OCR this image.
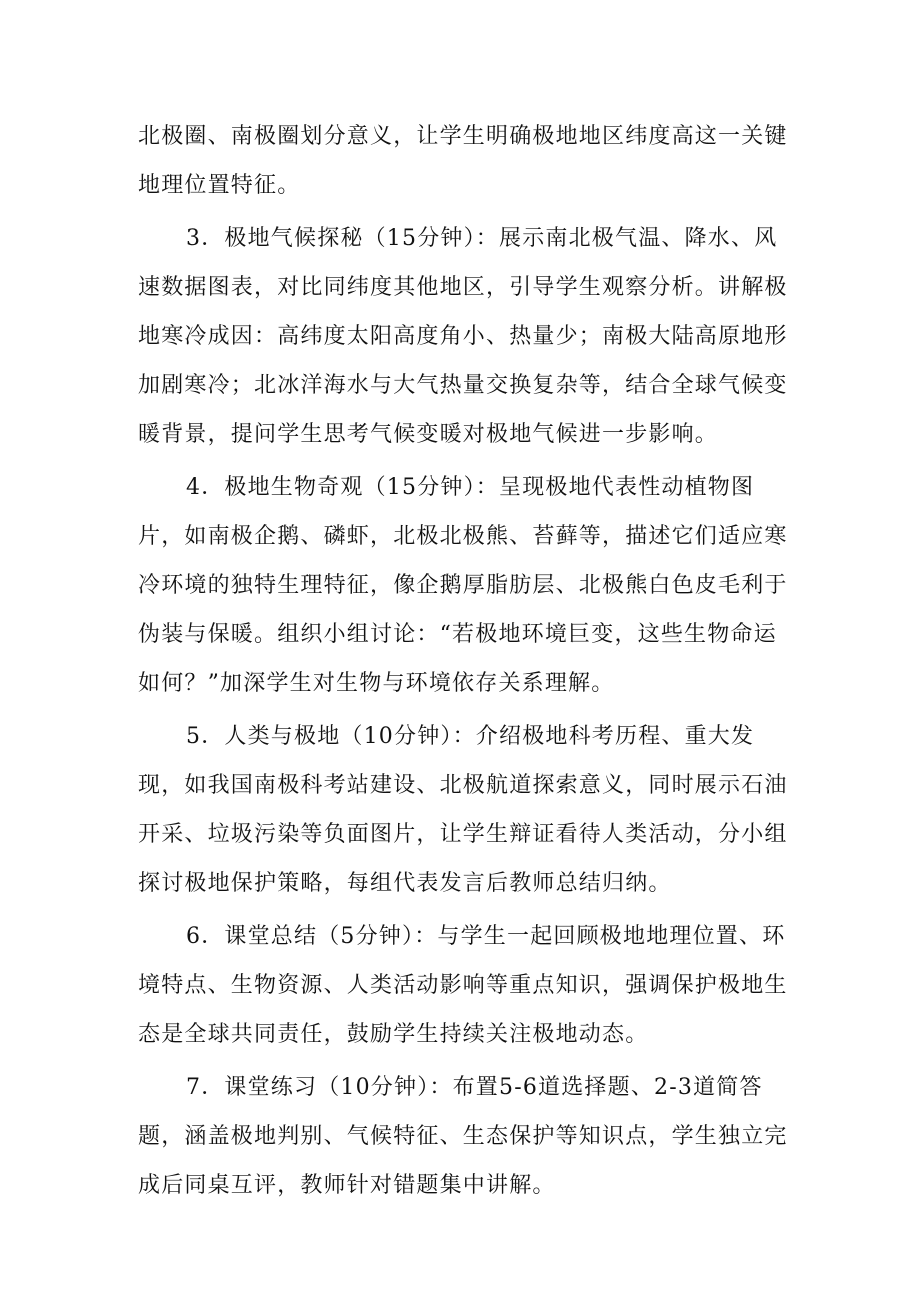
北极圈、南极圈划分意义，让学生明确极地地区纬度高这一关键
地理位置特征。

3．极地气候探秘（15分钟）：展示南北极气温、降水、风
速数据图表，对比同纬度其他地区，引导学生观察分析。讲解极
地寒冷成因：高纬度太阳高度角小、热量少；南极大陆高原地形
加剧寒冷；北冰洋海水与大气热量交换复杂等，结合全球气候变
暖背景，提问学生思考气候变暖对极地气候进一步影响。

4．极地生物奇观（15分钟）：呈现极地代表性动植物图
片，如南极企鹅、磷虾，北极北极熊、苔藓等，描述它们适应寒
冷环境的独特生理特征，像企鹅厚脂肪层、北极熊白色皮毛利于
伪装与保暖。组织小组讨论：“若极地环境巨变，这些生物命运
如何？”加深学生对生物与环境依存关系理解。

5．人类与极地（10分钟）：介绍极地科考历程、重大发
现，如我国南极科考站建设、北极航道探索意义，同时展示石油
开采、垃圾污染等负面图片，让学生辩证看待人类活动，分小组
探讨极地保护策略，每组代表发言后教师总结归纳。

6．课堂总结（5分钟）：与学生一起回顾极地地理位置、环
境特点、生物资源、人类活动影响等重点知识，强调保护极地生
态是全球共同责任，鼓励学生持续关注极地动态。

7．课堂练习（10分钟）：布置5-6道选择题、2-3道简答
题，涵盖极地判别、气候特征、生态保护等知识点，学生独立完
成后同桌互评，教师针对错题集中讲解。
